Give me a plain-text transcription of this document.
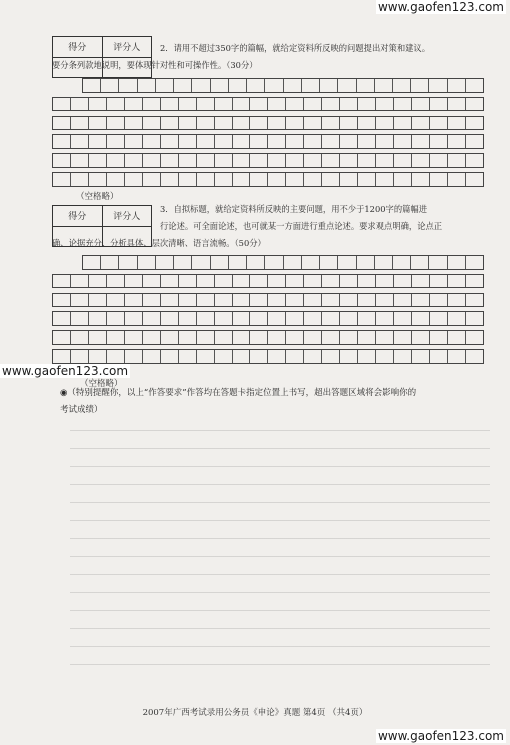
www.gaofen123.com
得分	评分人	2．请用不超过350字的篇幅，就给定资料所反映的问题提出对策和建议。
要分条列款地说明，要体现针对性和可操作性。（30分）
（空格略）
得分	评分人
3．自拟标题，就给定资料所反映的主要问题，用不少于1200字的篇幅进
行论述。可全面论述，也可就某一方面进行重点论述。要求观点明确，论点正
确、论据充分、分析具体、层次清晰、语言流畅。（50分）
www.gaofen123.com
（空格略）
◉（特别提醒你，以上“作答要求”作答均在答题卡指定位置上书写，超出答题区域将会影响你的
考试成绩）
2007年广西考试录用公务员《申论》真题 第4页 （共4页）
www.gaofen123.com
